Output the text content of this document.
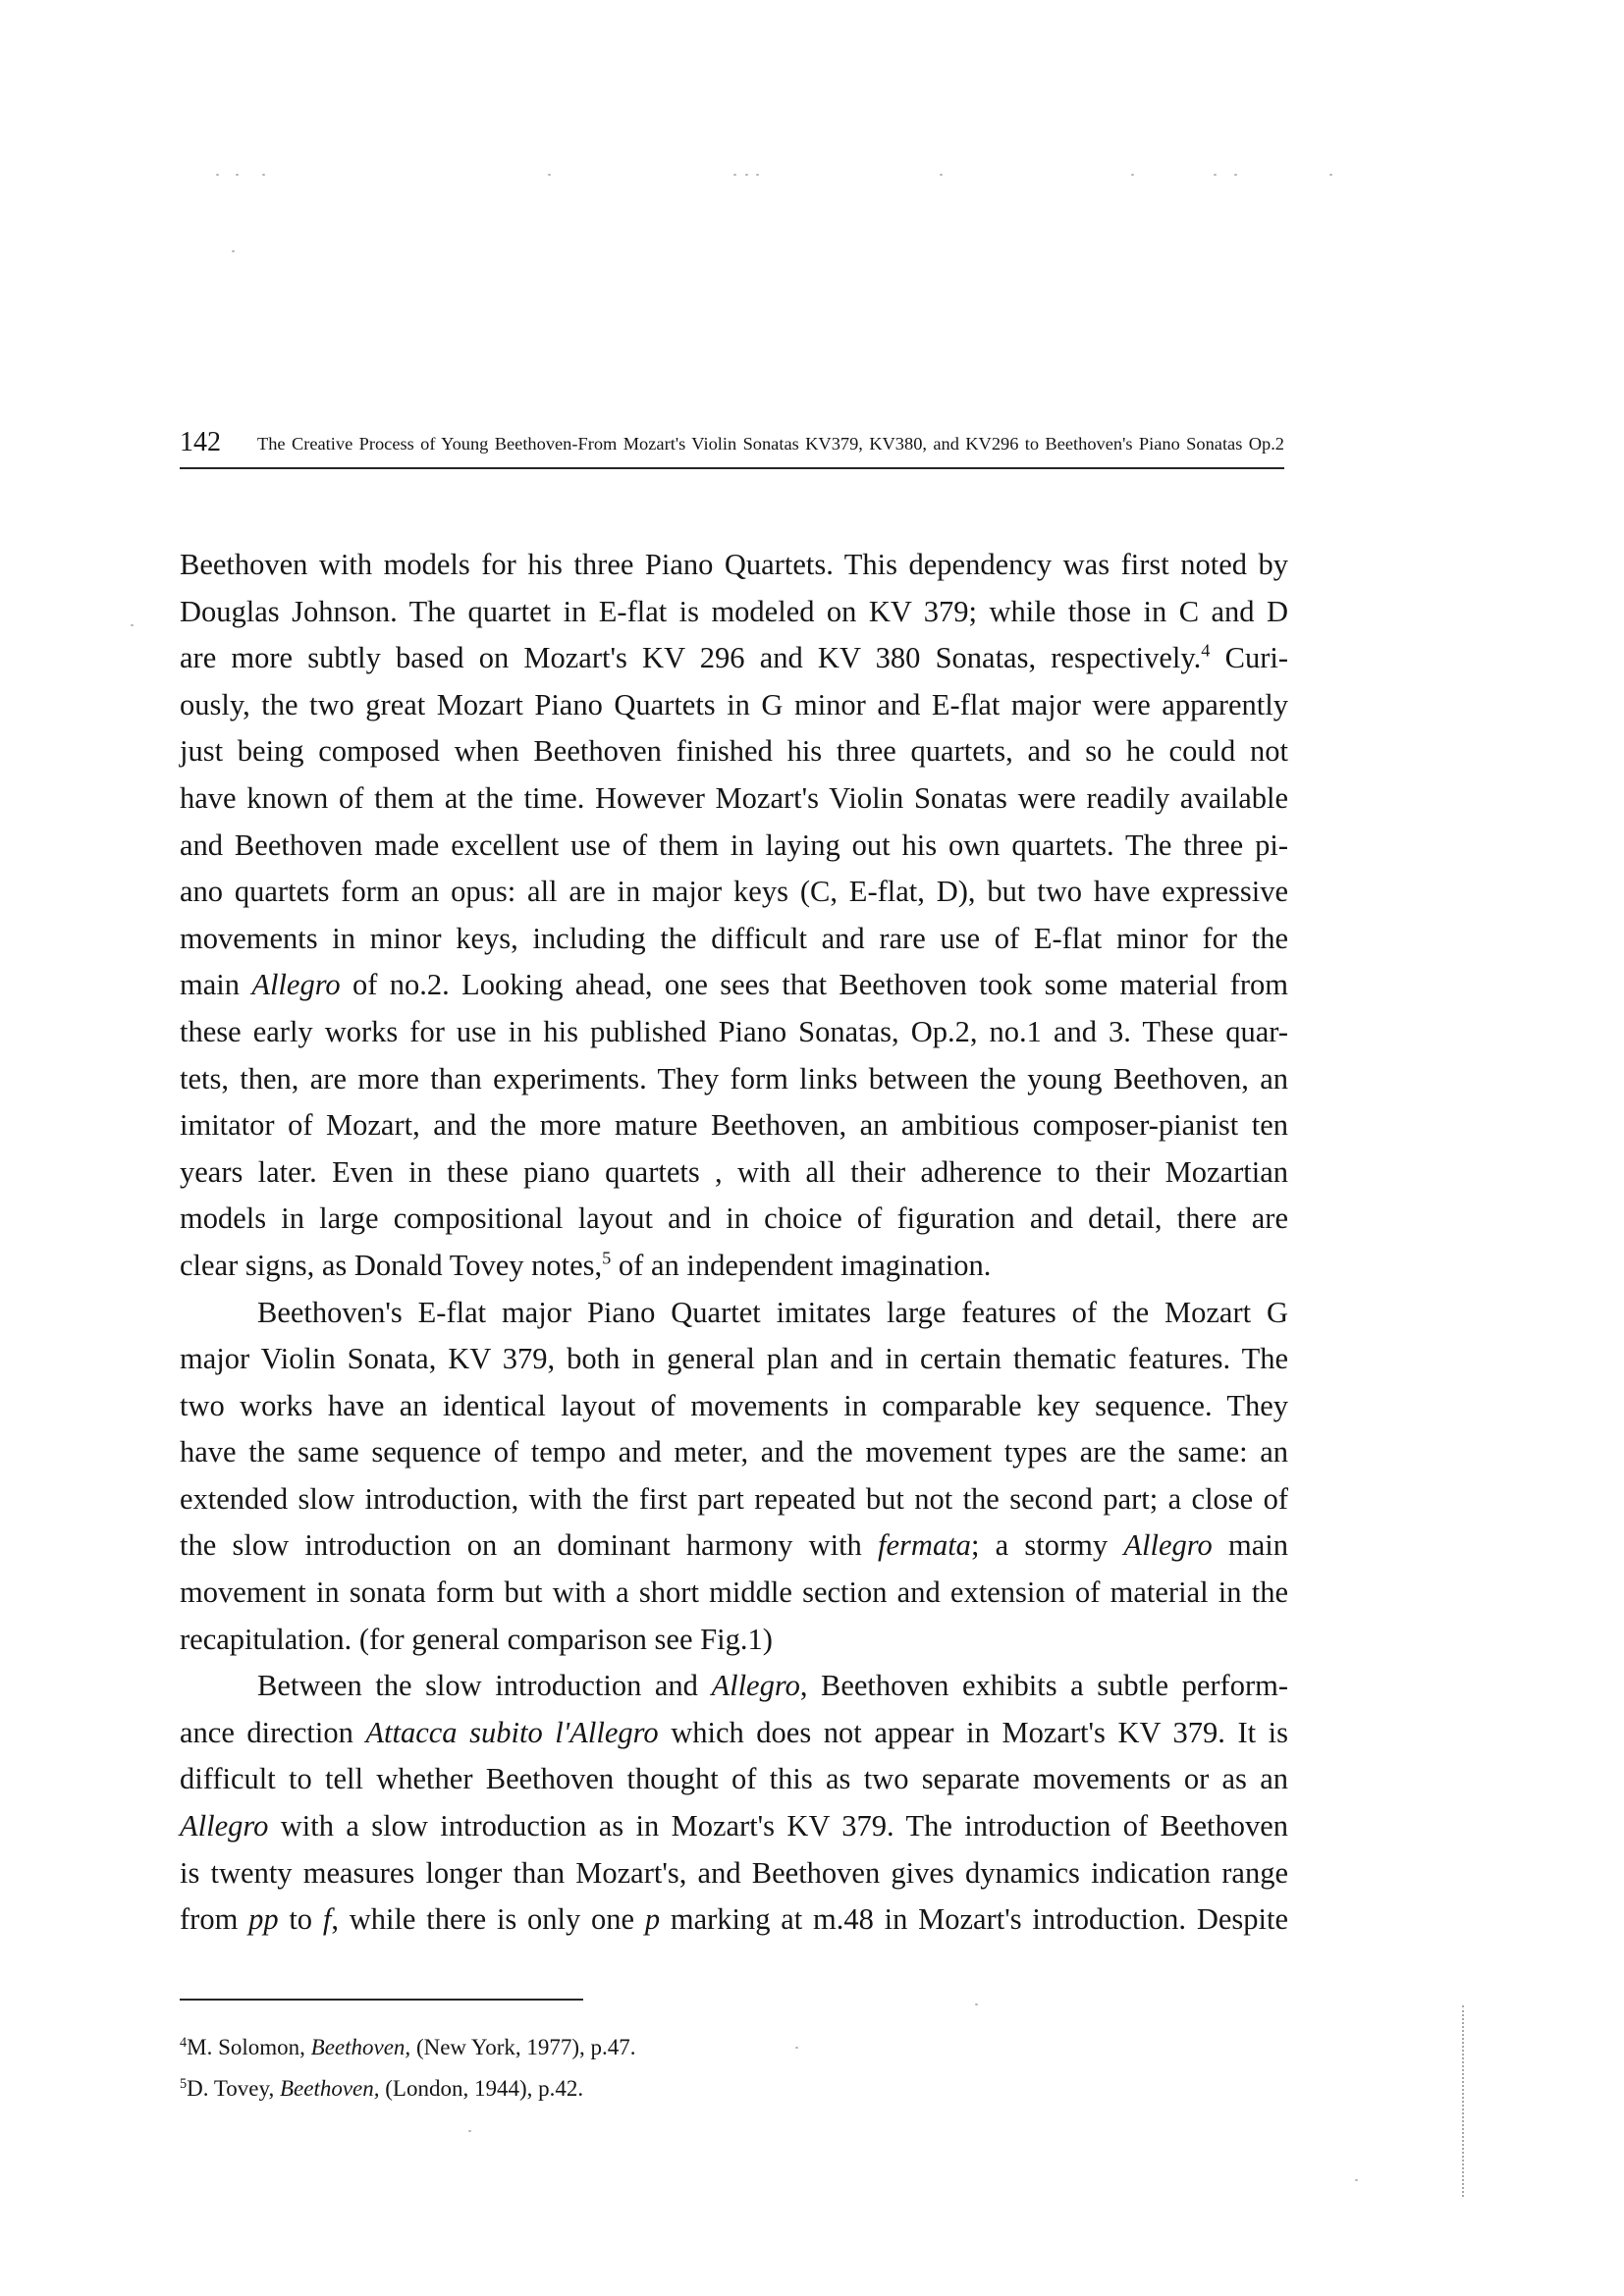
142 The Creative Process of Young Beethoven-From Mozart's Violin Sonatas KV379, KV380, and KV296 to Beethoven's Piano Sonatas Op.2
Beethoven with models for his three Piano Quartets. This dependency was first noted by
Douglas Johnson. The quartet in E-flat is modeled on KV 379; while those in C and D
are more subtly based on Mozart's KV 296 and KV 380 Sonatas, respectively.$^4$ Curi-
ously, the two great Mozart Piano Quartets in G minor and E-flat major were apparently
just being composed when Beethoven finished his three quartets, and so he could not
have known of them at the time. However Mozart's Violin Sonatas were readily available
and Beethoven made excellent use of them in laying out his own quartets. The three pi-
ano quartets form an opus: all are in major keys (C, E-flat, D), but two have expressive
movements in minor keys, including the difficult and rare use of E-flat minor for the
main Allegro of no.2. Looking ahead, one sees that Beethoven took some material from
these early works for use in his published Piano Sonatas, Op.2, no.1 and 3. These quar-
tets, then, are more than experiments. They form links between the young Beethoven, an
imitator of Mozart, and the more mature Beethoven, an ambitious composer-pianist ten
years later. Even in these piano quartets , with all their adherence to their Mozartian
models in large compositional layout and in choice of figuration and detail, there are
clear signs, as Donald Tovey notes,$^5$ of an independent imagination.
Beethoven's E-flat major Piano Quartet imitates large features of the Mozart G
major Violin Sonata, KV 379, both in general plan and in certain thematic features. The
two works have an identical layout of movements in comparable key sequence. They
have the same sequence of tempo and meter, and the movement types are the same: an
extended slow introduction, with the first part repeated but not the second part; a close of
the slow introduction on an dominant harmony with fermata; a stormy Allegro main
movement in sonata form but with a short middle section and extension of material in the
recapitulation. (for general comparison see Fig.1)
Between the slow introduction and Allegro, Beethoven exhibits a subtle perform-
ance direction Attacca subito l'Allegro which does not appear in Mozart's KV 379. It is
difficult to tell whether Beethoven thought of this as two separate movements or as an
Allegro with a slow introduction as in Mozart's KV 379. The introduction of Beethoven
is twenty measures longer than Mozart's, and Beethoven gives dynamics indication range
from pp to f, while there is only one p marking at m.48 in Mozart's introduction. Despite
$^4$M. Solomon, Beethoven, (New York, 1977), p.47.
$^5$D. Tovey, Beethoven, (London, 1944), p.42.
